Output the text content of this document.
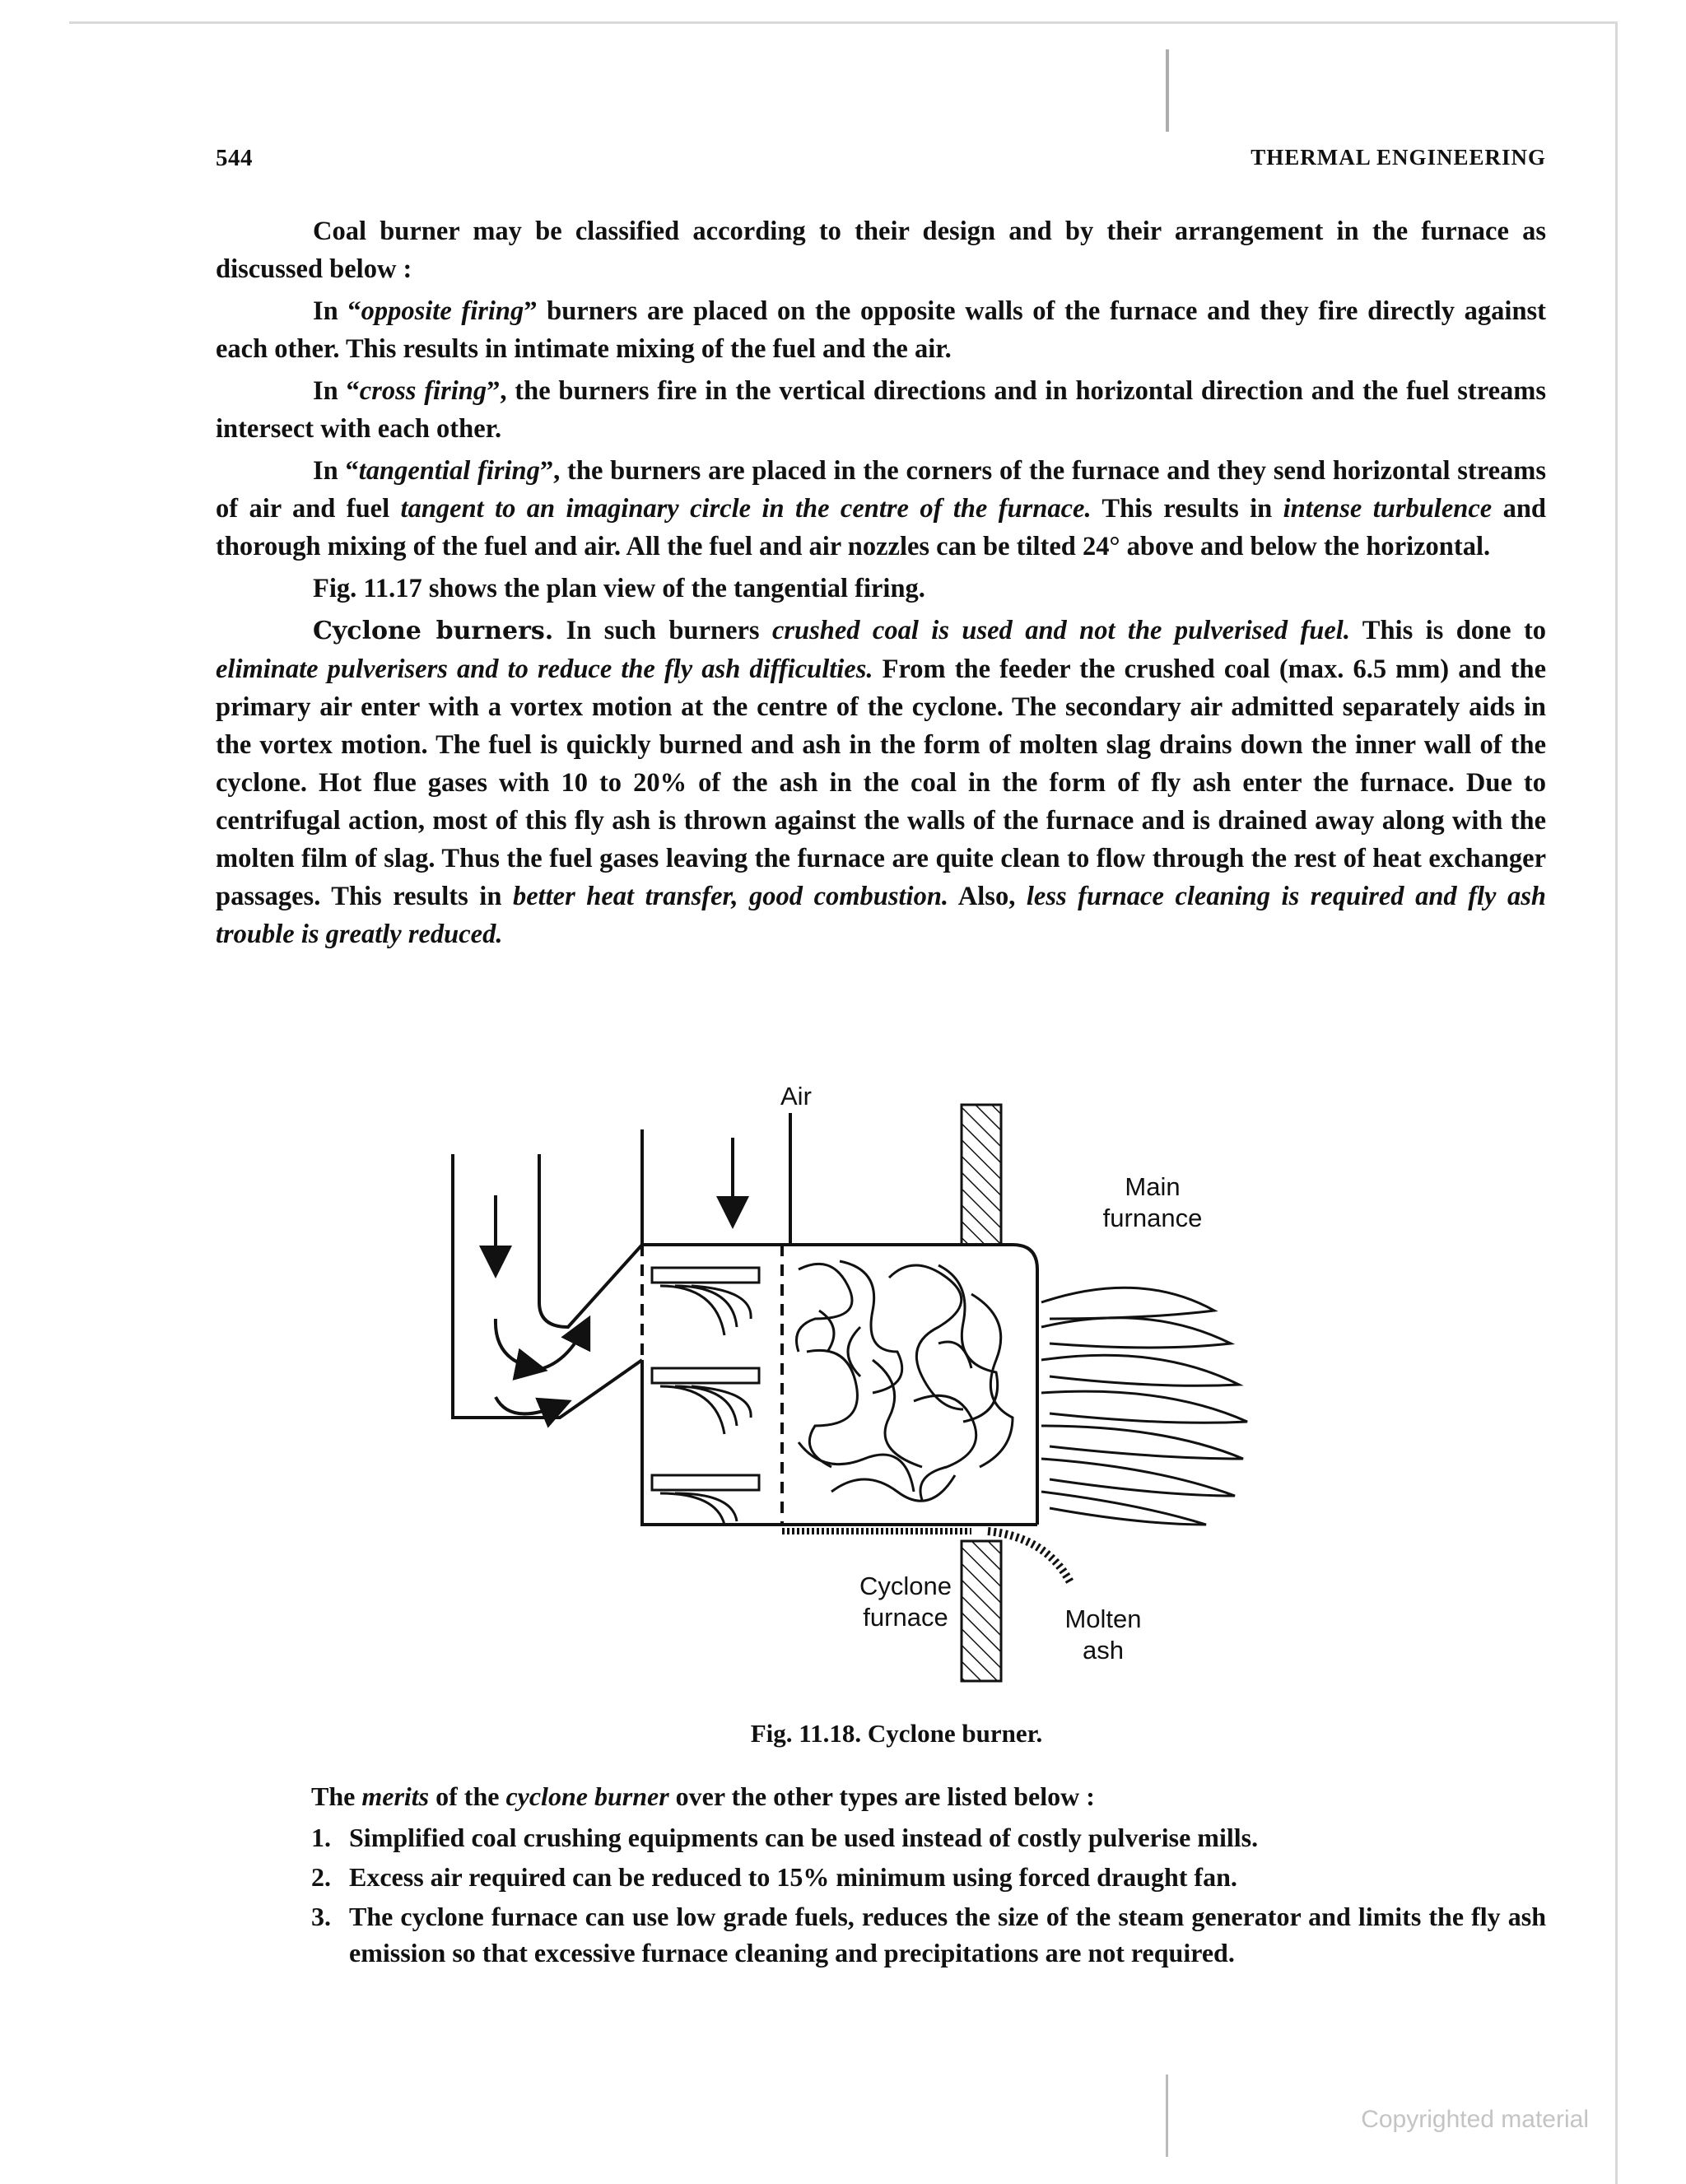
544	THERMAL ENGINEERING

Coal burner may be classified according to their design and by their arrangement in the furnace as discussed below :

In “opposite firing” burners are placed on the opposite walls of the furnace and they fire directly against each other. This results in intimate mixing of the fuel and the air.

In “cross firing”, the burners fire in the vertical directions and in horizontal direction and the fuel streams intersect with each other.

In “tangential firing”, the burners are placed in the corners of the furnace and they send horizontal streams of air and fuel tangent to an imaginary circle in the centre of the furnace. This results in intense turbulence and thorough mixing of the fuel and air. All the fuel and air nozzles can be tilted 24° above and below the horizontal.

Fig. 11.17 shows the plan view of the tangential firing.

Cyclone burners. In such burners crushed coal is used and not the pulverised fuel. This is done to eliminate pulverisers and to reduce the fly ash difficulties. From the feeder the crushed coal (max. 6.5 mm) and the primary air enter with a vortex motion at the centre of the cyclone. The secondary air admitted separately aids in the vortex motion. The fuel is quickly burned and ash in the form of molten slag drains down the inner wall of the cyclone. Hot flue gases with 10 to 20% of the ash in the coal in the form of fly ash enter the furnace. Due to centrifugal action, most of this fly ash is thrown against the walls of the furnace and is drained away along with the molten film of slag. Thus the fuel gases leaving the furnace are quite clean to flow through the rest of heat exchanger passages. This results in better heat transfer, good combustion. Also, less furnace cleaning is required and fly ash trouble is greatly reduced.

Air
Main
furnance
Cyclone
furnace	Molten
ash
Fig. 11.18. Cyclone burner.

The merits of the cyclone burner over the other types are listed below :

1. Simplified coal crushing equipments can be used instead of costly pulverise mills.
2. Excess air required can be reduced to 15% minimum using forced draught fan.
3. The cyclone furnace can use low grade fuels, reduces the size of the steam generator and limits the fly ash emission so that excessive furnace cleaning and precipitations are not required.
Copyrighted material
